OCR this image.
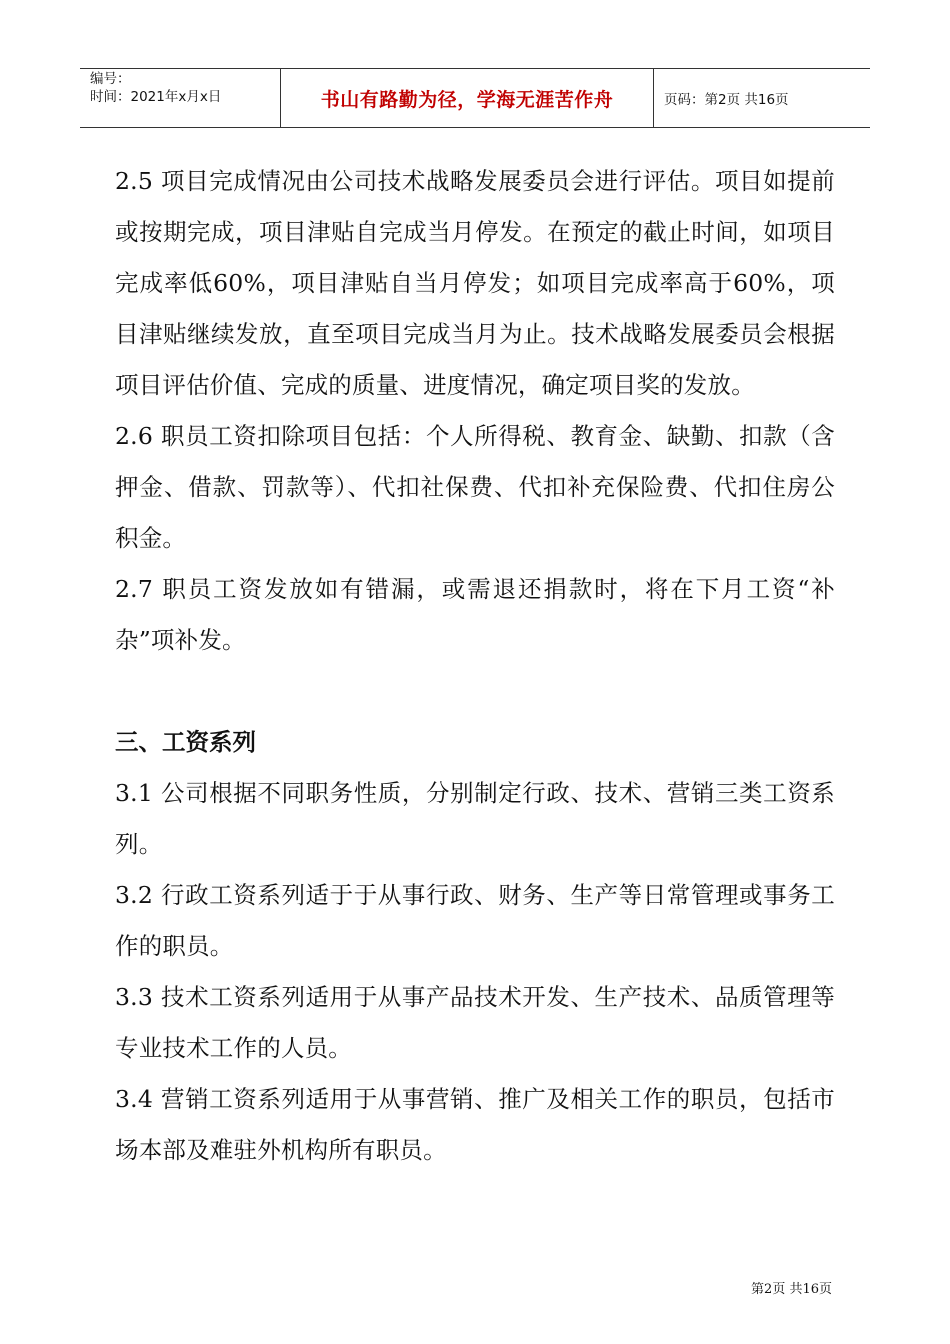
编号：
时间：2021年x月x日	书山有路勤为径，学海无涯苦作舟	页码：第2页 共16页

2.5 项目完成情况由公司技术战略发展委员会进行评估。项目如提前或按期完成，项目津贴自完成当月停发。在预定的截止时间，如项目完成率低60%，项目津贴自当月停发；如项目完成率高于60%，项目津贴继续发放，直至项目完成当月为止。技术战略发展委员会根据项目评估价值、完成的质量、进度情况，确定项目奖的发放。

2.6 职员工资扣除项目包括：个人所得税、教育金、缺勤、扣款（含押金、借款、罚款等）、代扣社保费、代扣补充保险费、代扣住房公积金。

2.7 职员工资发放如有错漏，或需退还捐款时，将在下月工资“补杂”项补发。

三、工资系列

3.1 公司根据不同职务性质，分别制定行政、技术、营销三类工资系列。

3.2 行政工资系列适于于从事行政、财务、生产等日常管理或事务工作的职员。

3.3 技术工资系列适用于从事产品技术开发、生产技术、品质管理等专业技术工作的人员。

3.4 营销工资系列适用于从事营销、推广及相关工作的职员，包括市场本部及难驻外机构所有职员。

第2页 共16页
